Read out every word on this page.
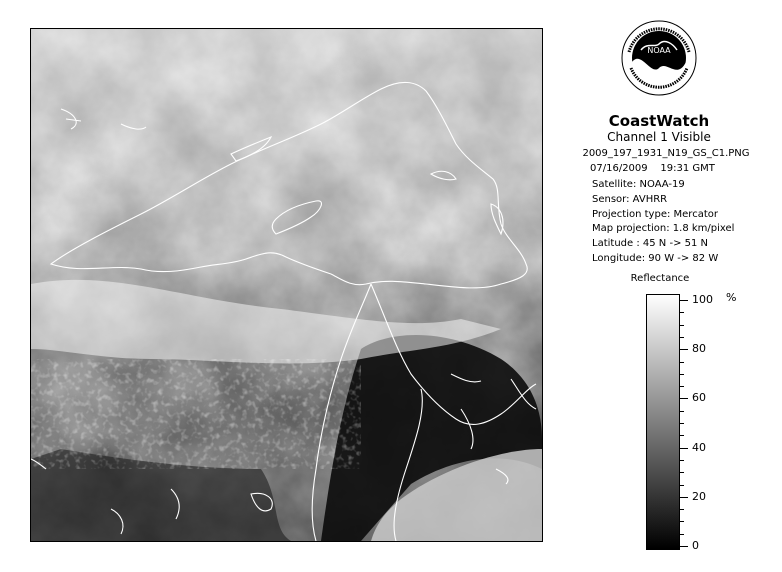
NOAA
CoastWatch
Channel 1 Visible
2009_197_1931_N19_GS_C1.PNG
07/16/2009 19:31 GMT
Satellite: NOAA-19
Sensor: AVHRR
Projection type: Mercator
Map projection: 1.8 km/pixel
Latitude : 45 N -> 51 N
Longitude: 90 W -> 82 W
Reflectance
%
100
80
60
40
20
0
